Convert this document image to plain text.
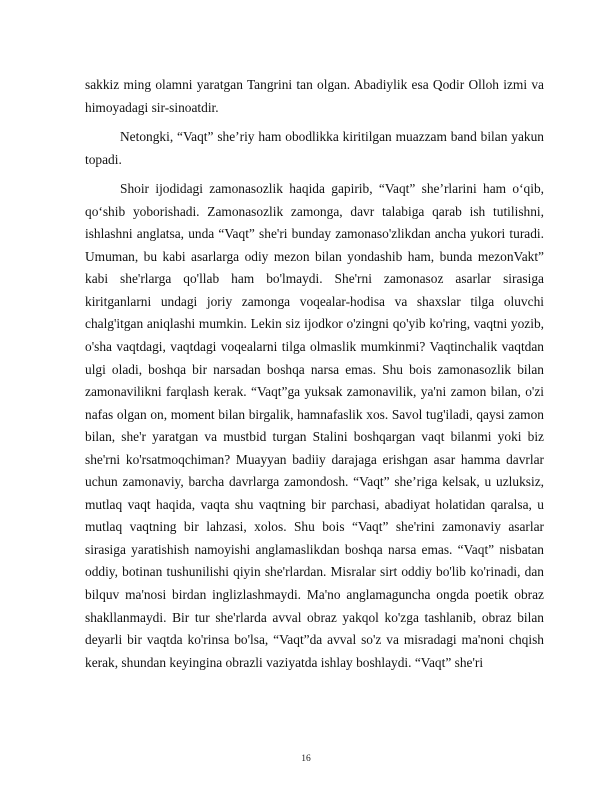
sakkiz ming olamni yaratgan Tangrini tan olgan. Abadiylik esa Qodir Olloh izmi va himoyadagi sir-sinoatdir.

Netongki, “Vaqt” she’riy ham obodlikka kiritilgan muazzam band bilan yakun topadi.

Shoir ijodidagi zamonasozlik haqida gapirib, “Vaqt” she’rlarini ham o‘qib, qo‘shib yoborishadi. Zamonasozlik zamonga, davr talabiga qarab ish tutilishni, ishlashni anglatsa, unda “Vaqt” she'ri bunday zamonaso'zlikdan ancha yukori turadi. Umuman, bu kabi asarlarga odiy mezon bilan yondashib ham, bunda mezonVakt” kabi she'rlarga qo'llab ham bo'lmaydi. She'rni zamonasoz asarlar sirasiga kiritganlarni undagi joriy zamonga voqealar-hodisa va shaxslar tilga oluvchi chalg'itgan aniqlashi mumkin. Lekin siz ijodkor o'zingni qo'yib ko'ring, vaqtni yozib, o'sha vaqtdagi, vaqtdagi voqealarni tilga olmaslik mumkinmi? Vaqtinchalik vaqtdan ulgi oladi, boshqa bir narsadan boshqa narsa emas. Shu bois zamonasozlik bilan zamonavilikni farqlash kerak. “Vaqt”ga yuksak zamonavilik, ya'ni zamon bilan, o'zi nafas olgan on, moment bilan birgalik, hamnafaslik xos. Savol tug'iladi, qaysi zamon bilan, she'r yaratgan va mustbid turgan Stalini boshqargan vaqt bilanmi yoki biz she'rni ko'rsatmoqchiman? Muayyan badiiy darajaga erishgan asar hamma davrlar uchun zamonaviy, barcha davrlarga zamondosh. “Vaqt” she’riga kelsak, u uzluksiz, mutlaq vaqt haqida, vaqta shu vaqtning bir parchasi, abadiyat holatidan qaralsa, u mutlaq vaqtning bir lahzasi, xolos. Shu bois “Vaqt” she'rini zamonaviy asarlar sirasiga yaratishish namoyishi anglamaslikdan boshqa narsa emas. “Vaqt” nisbatan oddiy, botinan tushunilishi qiyin she'rlardan. Misralar sirt oddiy bo'lib ko'rinadi, dan bilquv ma'nosi birdan inglizlashmaydi. Ma'no anglamaguncha ongda poetik obraz shakllanmaydi. Bir tur she'rlarda avval obraz yakqol ko'zga tashlanib, obraz bilan deyarli bir vaqtda ko'rinsa bo'lsa, “Vaqt”da avval so'z va misradagi ma'noni chqish kerak, shundan keyingina obrazli vaziyatda ishlay boshlaydi. “Vaqt” she'ri

16
